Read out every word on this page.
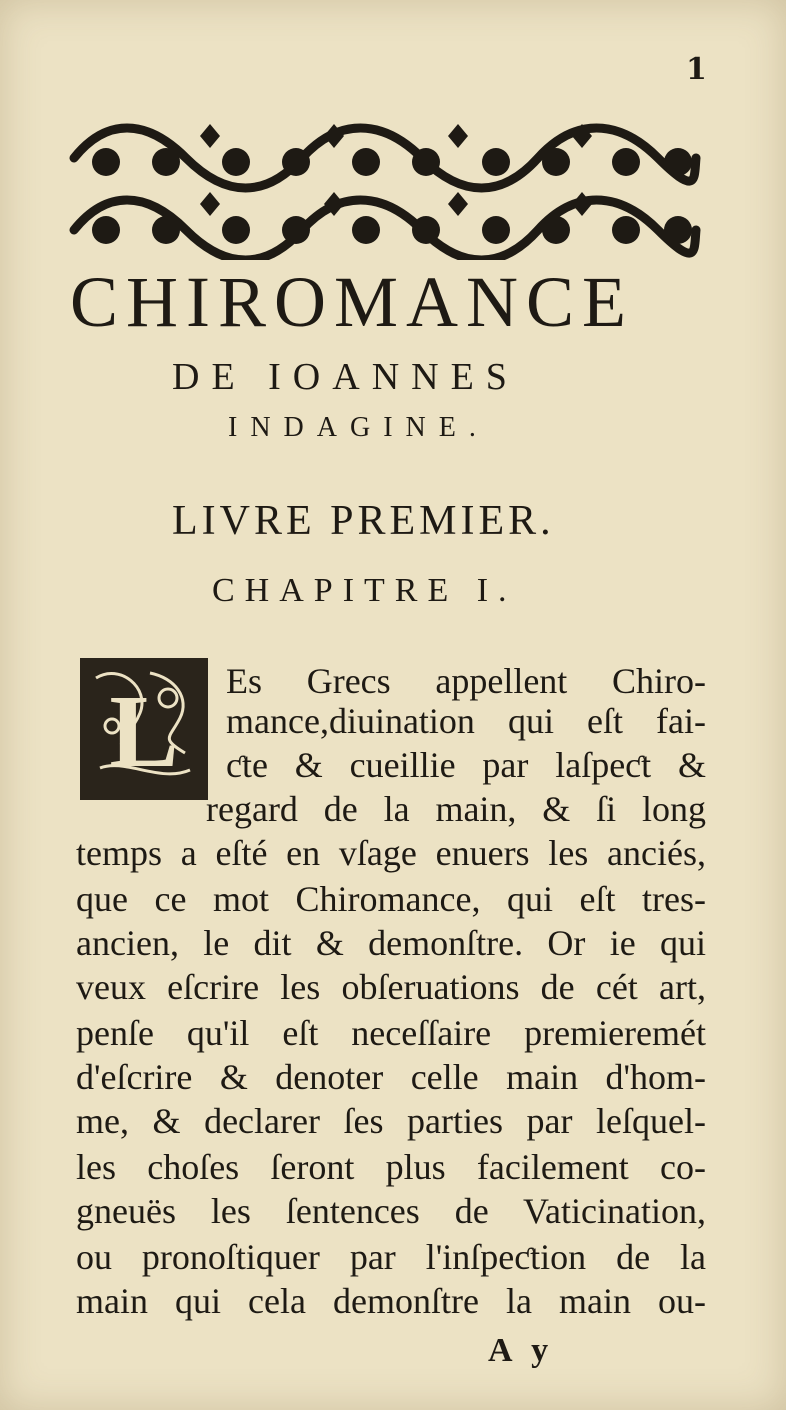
1
CHIROMANCE
DE IOANNES
INDAGINE.
LIVRE PREMIER.
CHAPITRE I.
L Es Grecs appellent Chiro-
mance,diuination qui eſt fai-
ƈte & cueillie par laſpeƈt &
regard de la main, & ſi long
temps a eſté en vſage enuers les anciés,
que ce mot Chiromance, qui eſt tres-
ancien, le dit & demonſtre. Or ie qui
veux eſcrire les obſeruations de cét art,
penſe qu'il eſt neceſſaire premieremét
d'eſcrire & denoter celle main d'hom-
me, & declarer ſes parties par leſquel-
les choſes ſeront plus facilement co-
gneuës les ſentences de Vaticination,
ou pronoſtiquer par l'inſpeƈtion de la
main qui cela demonſtre la main ou-
A y
